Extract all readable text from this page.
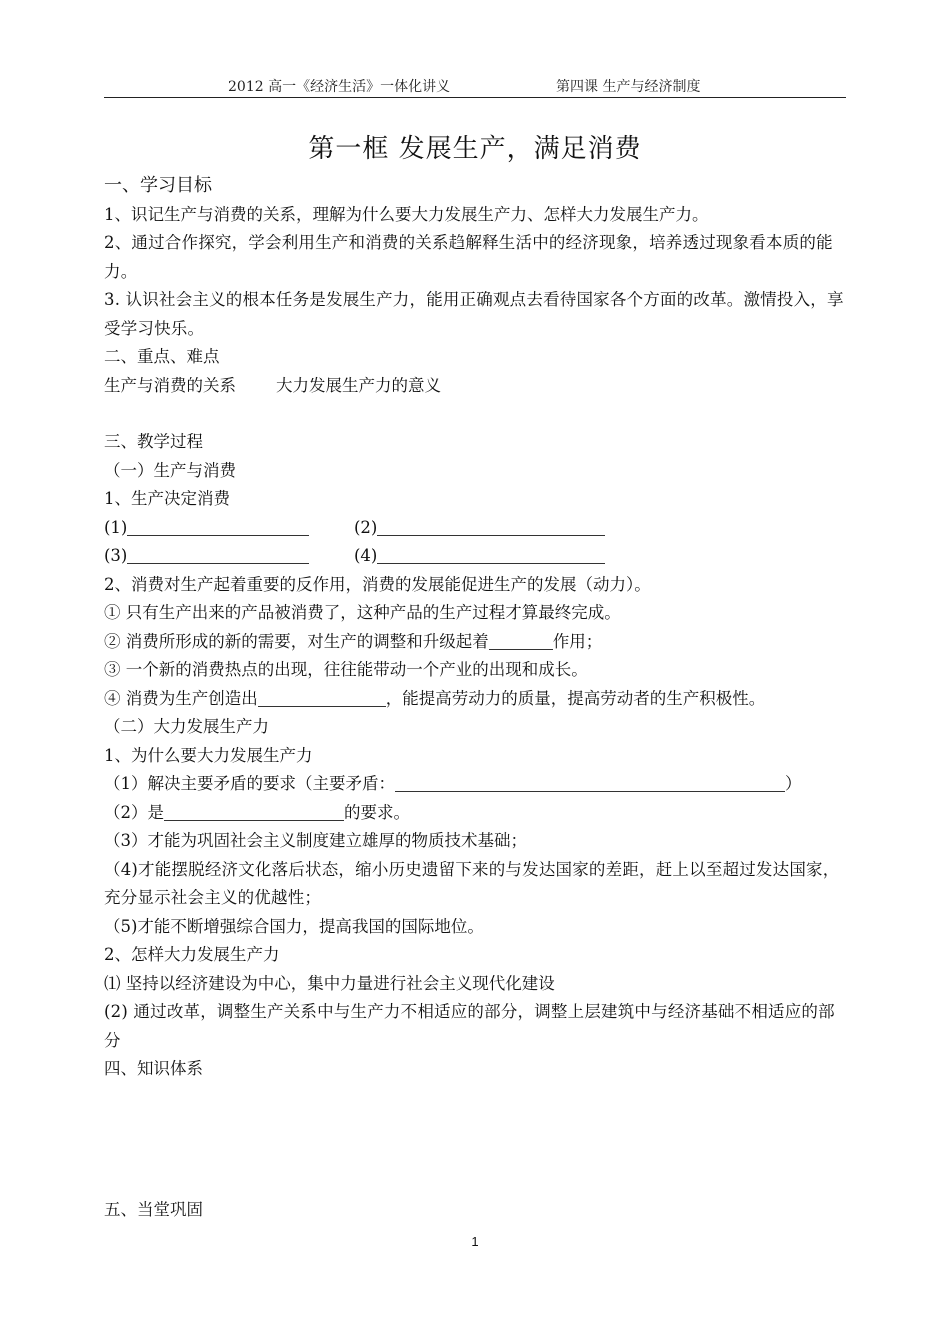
2012 高一《经济生活》一体化讲义	第四课 生产与经济制度
第一框 发展生产，满足消费
一、学习目标
1、识记生产与消费的关系，理解为什么要大力发展生产力、怎样大力发展生产力。
2、通过合作探究，学会利用生产和消费的关系趋解释生活中的经济现象，培养透过现象看本质的能力。
3. 认识社会主义的根本任务是发展生产力，能用正确观点去看待国家各个方面的改革。激情投入，享受学习快乐。
二、重点、难点
生产与消费的关系 大力发展生产力的意义
三、教学过程
（一）生产与消费
1、生产决定消费
(1)	(2)
(3)	(4)
2、消费对生产起着重要的反作用，消费的发展能促进生产的发展（动力）。
① 只有生产出来的产品被消费了，这种产品的生产过程才算最终完成。
② 消费所形成的新的需要，对生产的调整和升级起着	作用；
③ 一个新的消费热点的出现，往往能带动一个产业的出现和成长。
④ 消费为生产创造出	，能提高劳动力的质量，提高劳动者的生产积极性。
（二）大力发展生产力
1、为什么要大力发展生产力
（1）解决主要矛盾的要求（主要矛盾：	）
（2）是	的要求。
（3）才能为巩固社会主义制度建立雄厚的物质技术基础；
（4)才能摆脱经济文化落后状态，缩小历史遗留下来的与发达国家的差距，赶上以至超过发达国家，充分显示社会主义的优越性；
（5)才能不断增强综合国力，提高我国的国际地位。
2、怎样大力发展生产力
⑴ 坚持以经济建设为中心，集中力量进行社会主义现代化建设
(2) 通过改革，调整生产关系中与生产力不相适应的部分，调整上层建筑中与经济基础不相适应的部分
四、知识体系
五、当堂巩固
1
